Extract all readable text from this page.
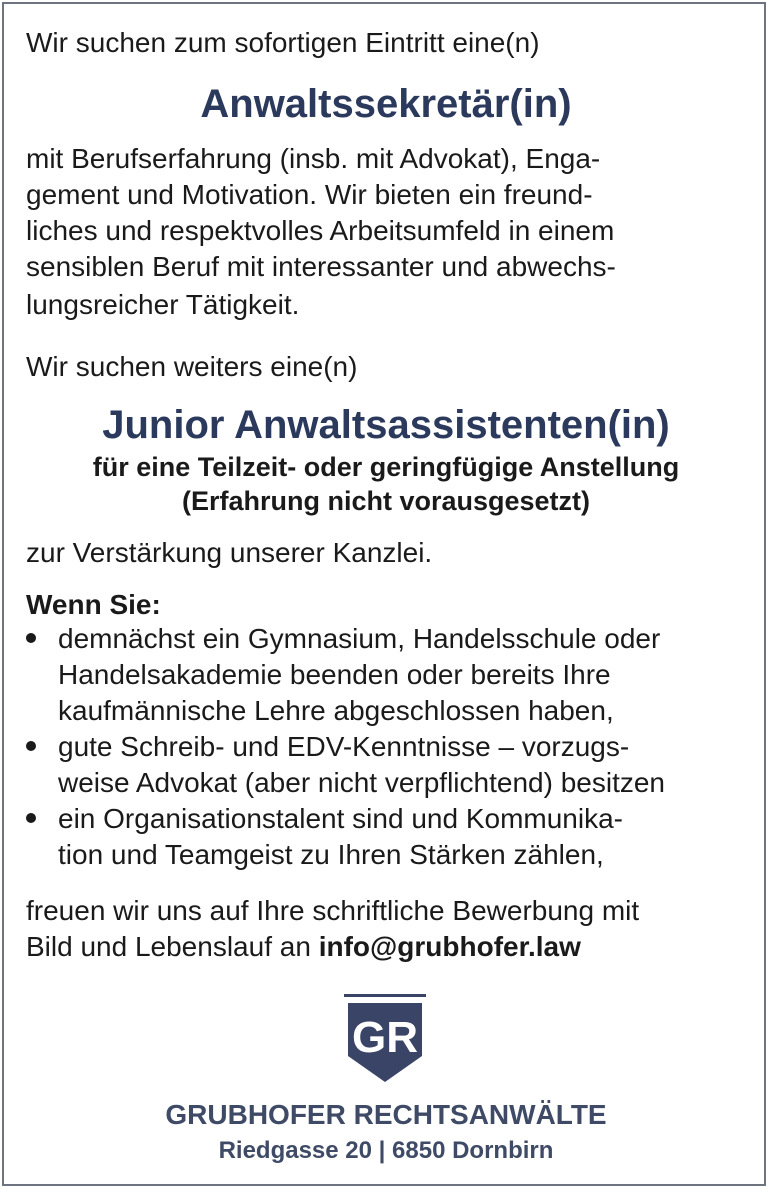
Wir suchen zum sofortigen Eintritt eine(n)
Anwaltssekretär(in)
mit Berufserfahrung (insb. mit Advokat), Enga-
gement und Motivation. Wir bieten ein freund-
liches und respektvolles Arbeitsumfeld in einem
sensiblen Beruf mit interessanter und abwechs-
lungsreicher Tätigkeit.
Wir suchen weiters eine(n)
Junior Anwaltsassistenten(in)
für eine Teilzeit- oder geringfügige Anstellung
(Erfahrung nicht vorausgesetzt)
zur Verstärkung unserer Kanzlei.
Wenn Sie:
demnächst ein Gymnasium, Handelsschule oder
Handelsakademie beenden oder bereits Ihre
kaufmännische Lehre abgeschlossen haben,
gute Schreib- und EDV-Kenntnisse – vorzugs-
weise Advokat (aber nicht verpflichtend) besitzen
ein Organisationstalent sind und Kommunika-
tion und Teamgeist zu Ihren Stärken zählen,
freuen wir uns auf Ihre schriftliche Bewerbung mit
Bild und Lebenslauf an info@grubhofer.law
GR
GRUBHOFER RECHTSANWÄLTE
Riedgasse 20 | 6850 Dornbirn
